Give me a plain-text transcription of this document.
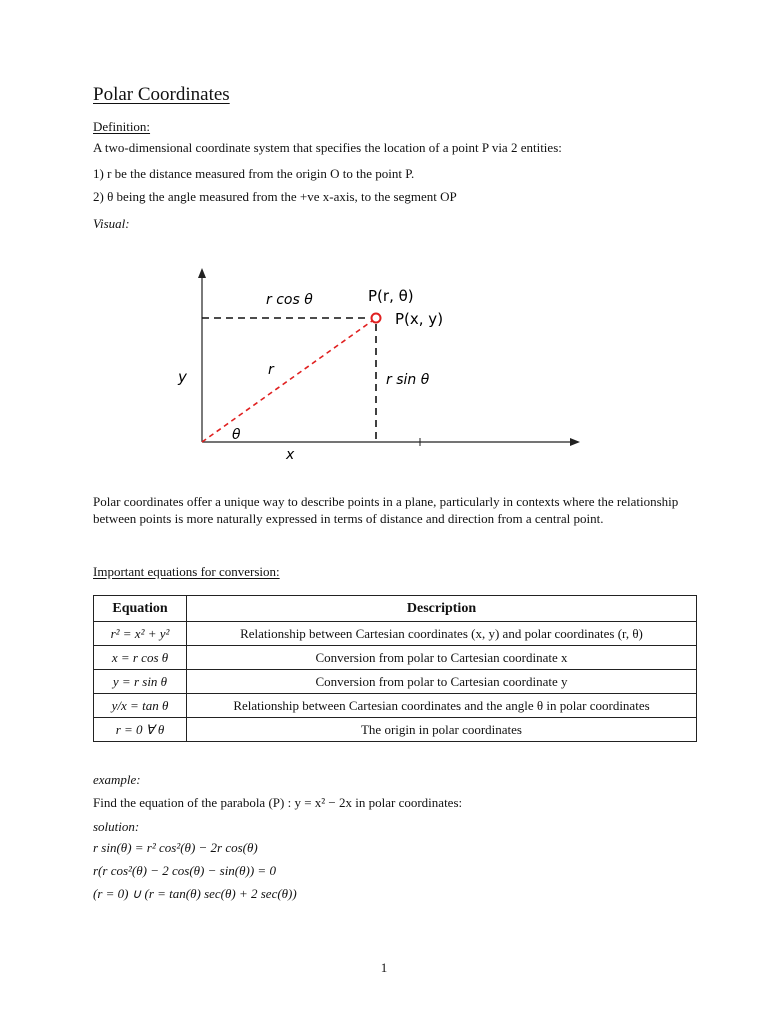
Polar Coordinates
Definition:
A two-dimensional coordinate system that specifies the location of a point P via 2 entities:
1) r be the distance measured from the origin O to the point P.
2) θ being the angle measured from the +ve x-axis, to the segment OP
Visual:
r cos θ	P(r, θ)
P(x, y)
y	r
r sin θ
θ
x

Polar coordinates offer a unique way to describe points in a plane, particularly in contexts where the relationship between points is more naturally expressed in terms of distance and direction from a central point.

Important equations for conversion:
Equation	Description
r² = x² + y²	Relationship between Cartesian coordinates (x, y) and polar coordinates (r, θ)
x = r cos θ	Conversion from polar to Cartesian coordinate x
y = r sin θ	Conversion from polar to Cartesian coordinate y
y/x = tan θ	Relationship between Cartesian coordinates and the angle θ in polar coordinates
r = 0 ∀ θ	The origin in polar coordinates
example:
Find the equation of the parabola (P) : y = x² − 2x in polar coordinates:
solution:
r sin(θ) = r² cos²(θ) − 2r cos(θ)
r(r cos²(θ) − 2 cos(θ) − sin(θ)) = 0
(r = 0) ∪ (r = tan(θ) sec(θ) + 2 sec(θ))
1
